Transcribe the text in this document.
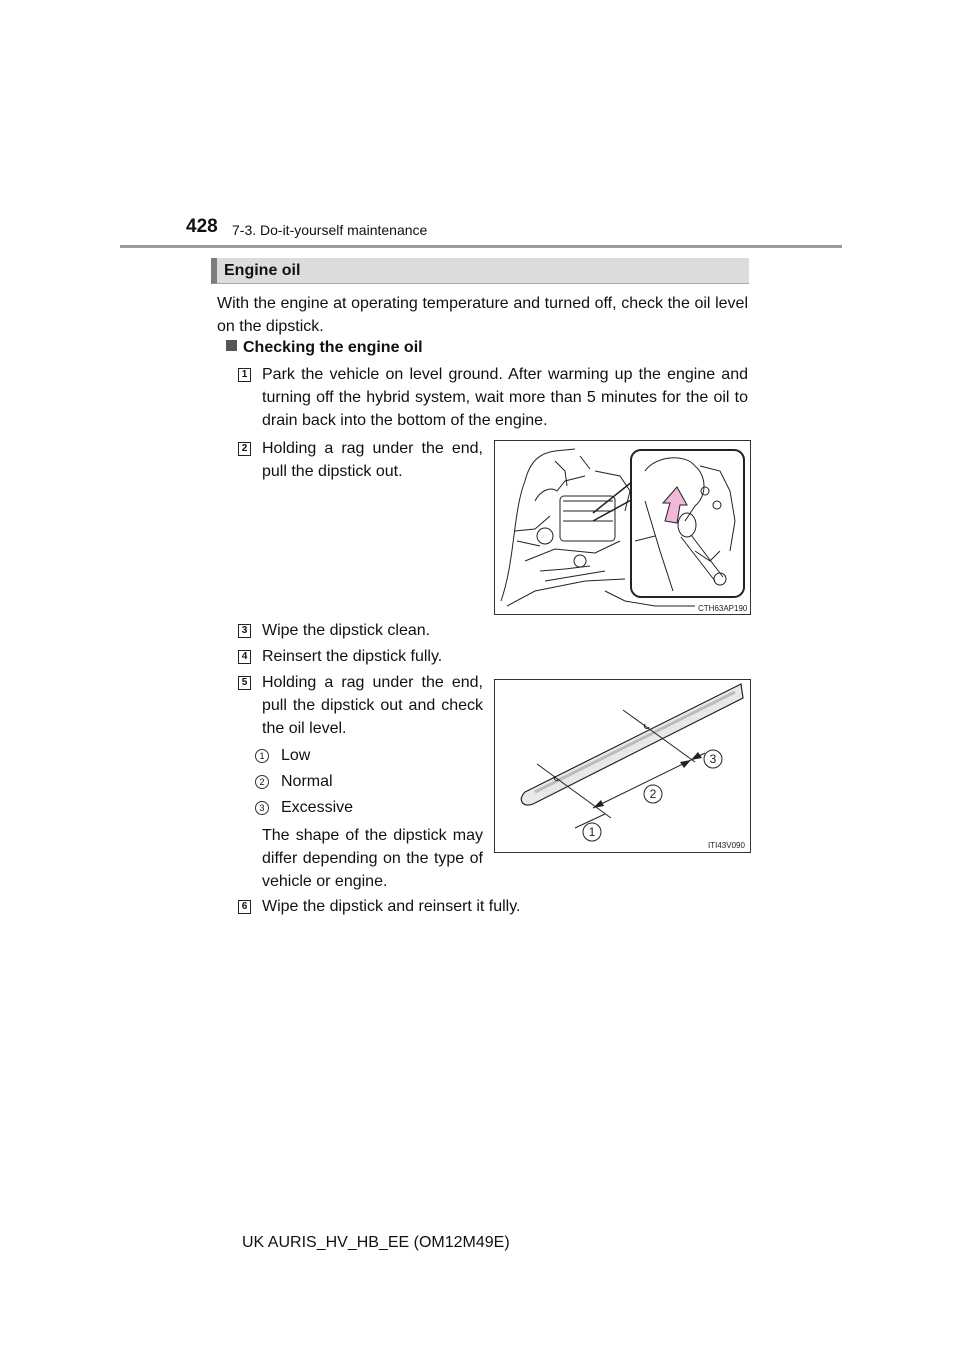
428 7-3. Do-it-yourself maintenance
Engine oil
With the engine at operating temperature and turned off, check the oil level on the dipstick.
Checking the engine oil
1 Park the vehicle on level ground. After warming up the engine and turning off the hybrid system, wait more than 5 minutes for the oil to drain back into the bottom of the engine.
2 Holding a rag under the end, pull the dipstick out.
CTH63AP190
3 Wipe the dipstick clean.
4 Reinsert the dipstick fully.
5 Holding a rag under the end, pull the dipstick out and check the oil level.
1 Low
2 Normal
3 Excessive
The shape of the dipstick may differ depending on the type of vehicle or engine.
1
2
3
ITI43V090
6 Wipe the dipstick and reinsert it fully.
UK AURIS_HV_HB_EE (OM12M49E)
